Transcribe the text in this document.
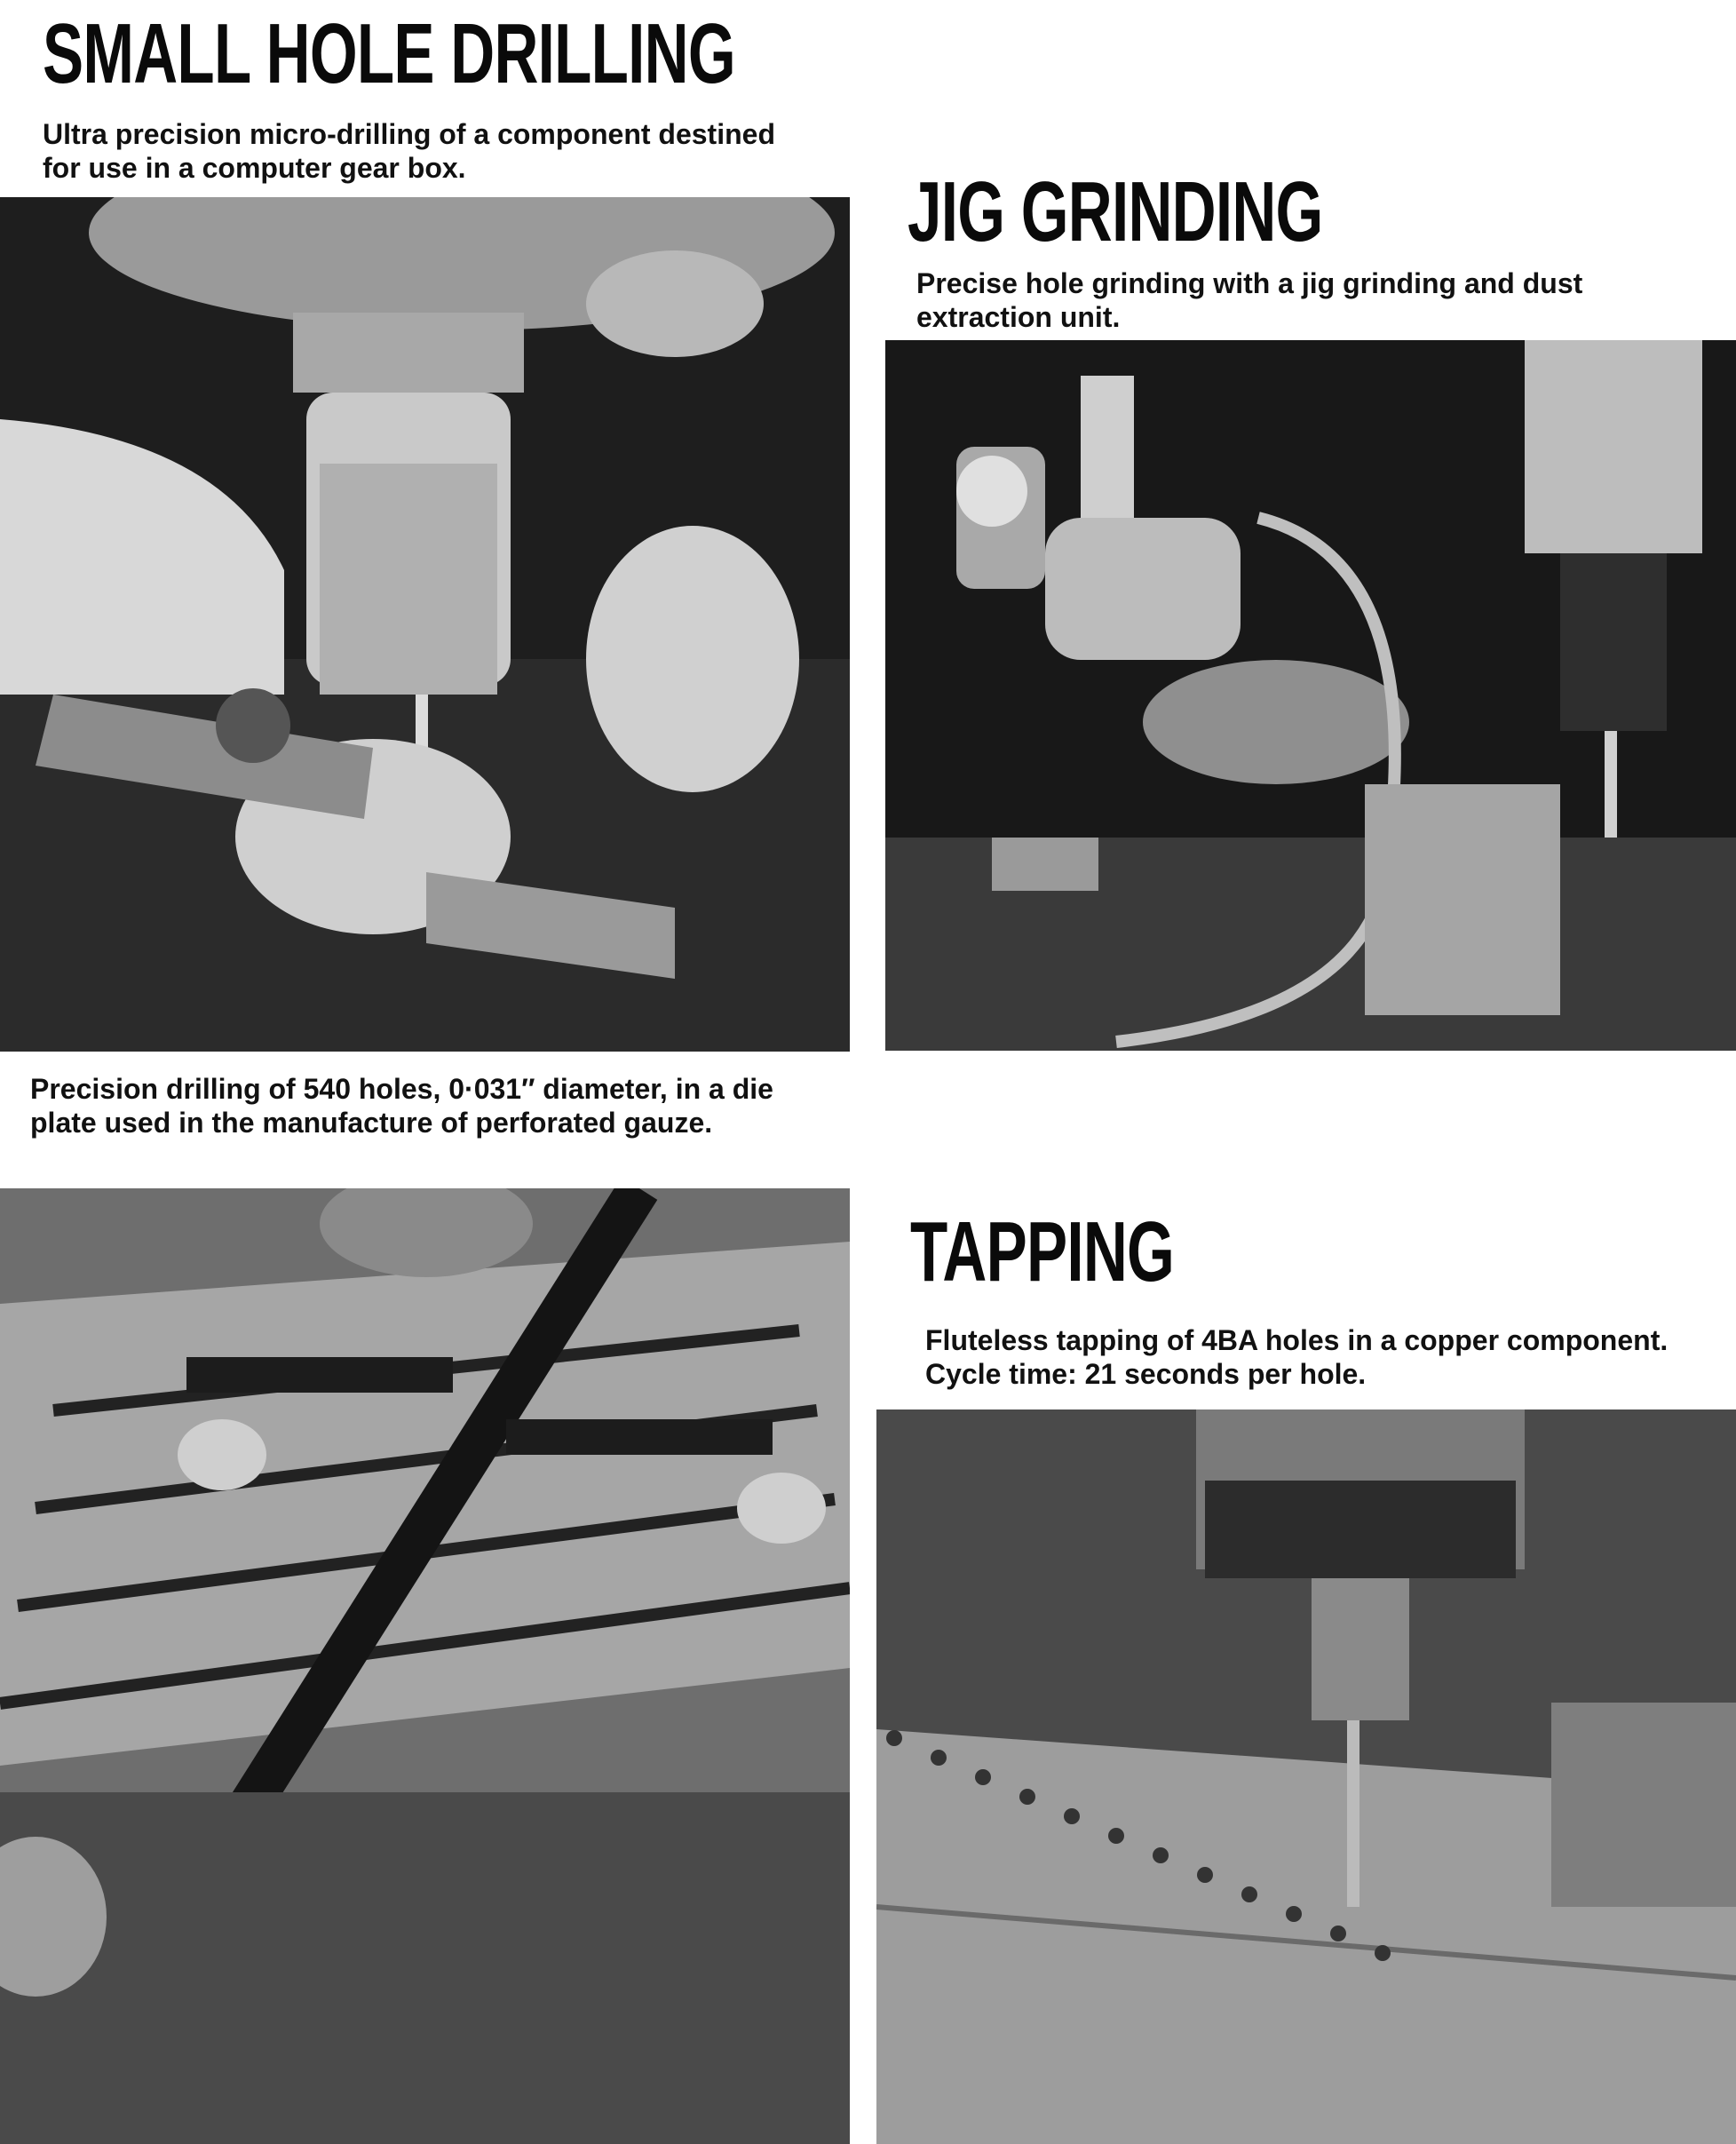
SMALL HOLE DRILLING

Ultra precision micro-drilling of a component destined for use in a computer gear box.	JIG GRINDING

Precise hole grinding with a jig grinding and dust extraction unit.

Precision drilling of 540 holes, 0·031″ diameter, in a die plate used in the manufacture of perforated gauze.

TAPPING

Fluteless tapping of 4BA holes in a copper component. Cycle time: 21 seconds per hole.
